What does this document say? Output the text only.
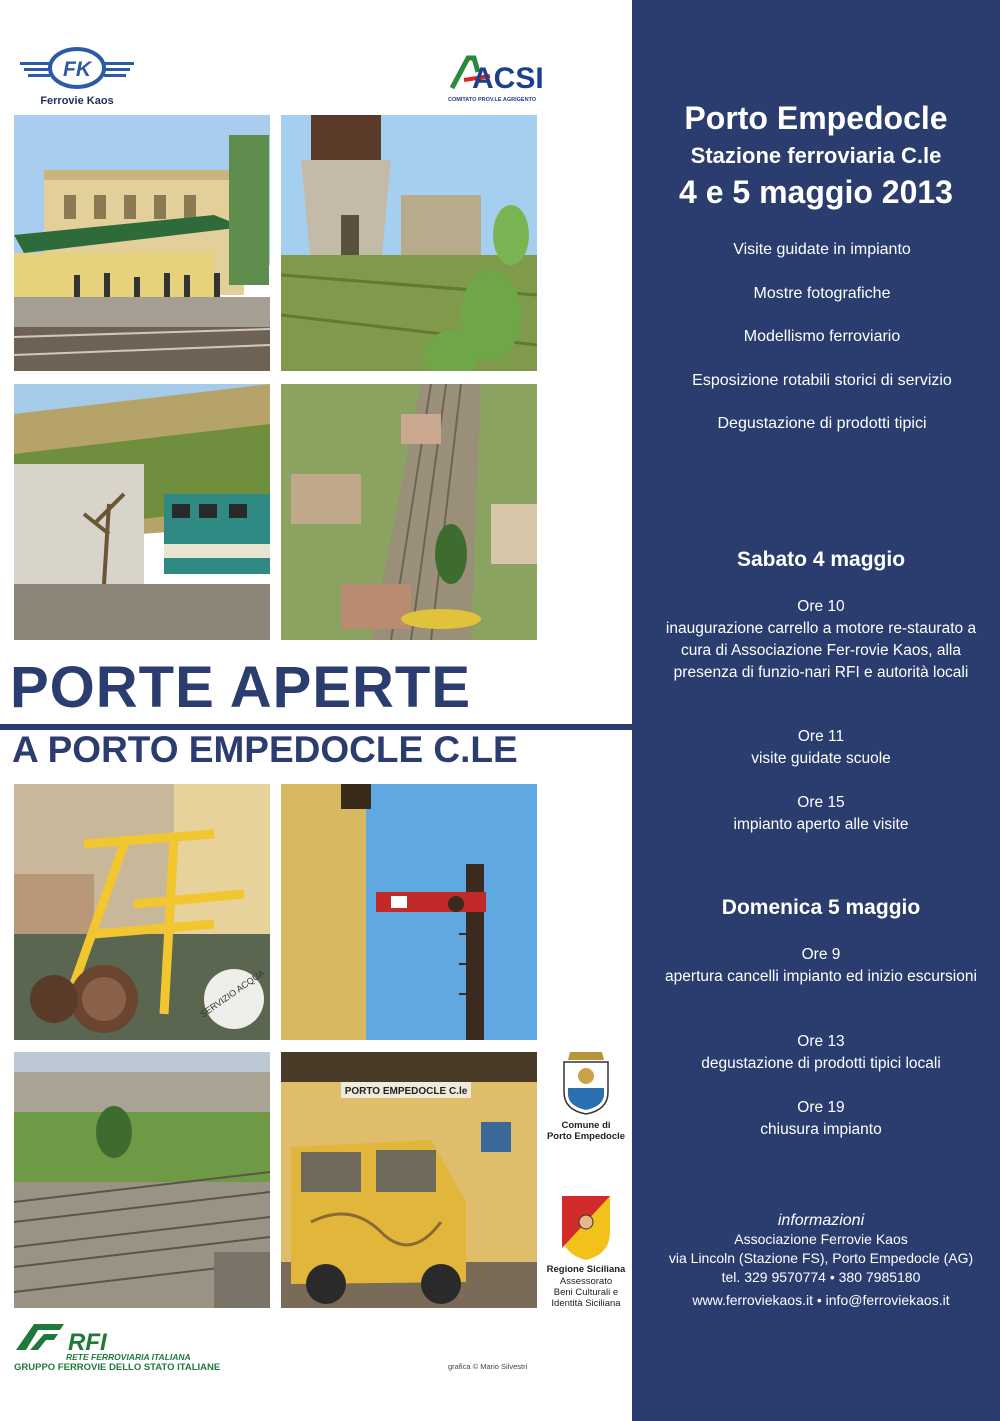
FK
Ferrovie Kaos
ACSI
COMITATO PROV.LE AGRIGENTO
PORTE APERTE
A PORTO EMPEDOCLE C.LE
SERVIZIO ACQUA
PORTO EMPEDOCLE C.le
Comune di
Porto Empedocle
Regione Siciliana
Assessorato
Beni Culturali e
Identità Siciliana
RFI
RETE FERROVIARIA ITALIANA
GRUPPO FERROVIE DELLO STATO ITALIANE	grafica © Mario Silvestri
Porto Empedocle
Stazione ferroviaria C.le
4 e 5 maggio 2013
Visite guidate in impianto
Mostre fotografiche
Modellismo ferroviario
Esposizione rotabili storici di servizio
Degustazione di prodotti tipici
Sabato 4 maggio
Ore 10
inaugurazione carrello a motore re-staurato a cura di Associazione Fer-rovie Kaos, alla presenza di funzio-nari RFI e autorità locali
Ore 11
visite guidate scuole
Ore 15
impianto aperto alle visite
Domenica 5 maggio
Ore 9
apertura cancelli impianto ed inizio escursioni
Ore 13
degustazione di prodotti tipici locali
Ore 19
chiusura impianto
informazioni
Associazione Ferrovie Kaos
via Lincoln (Stazione FS), Porto Empedocle (AG)
tel. 329 9570774 • 380 7985180
www.ferroviekaos.it • info@ferroviekaos.it
